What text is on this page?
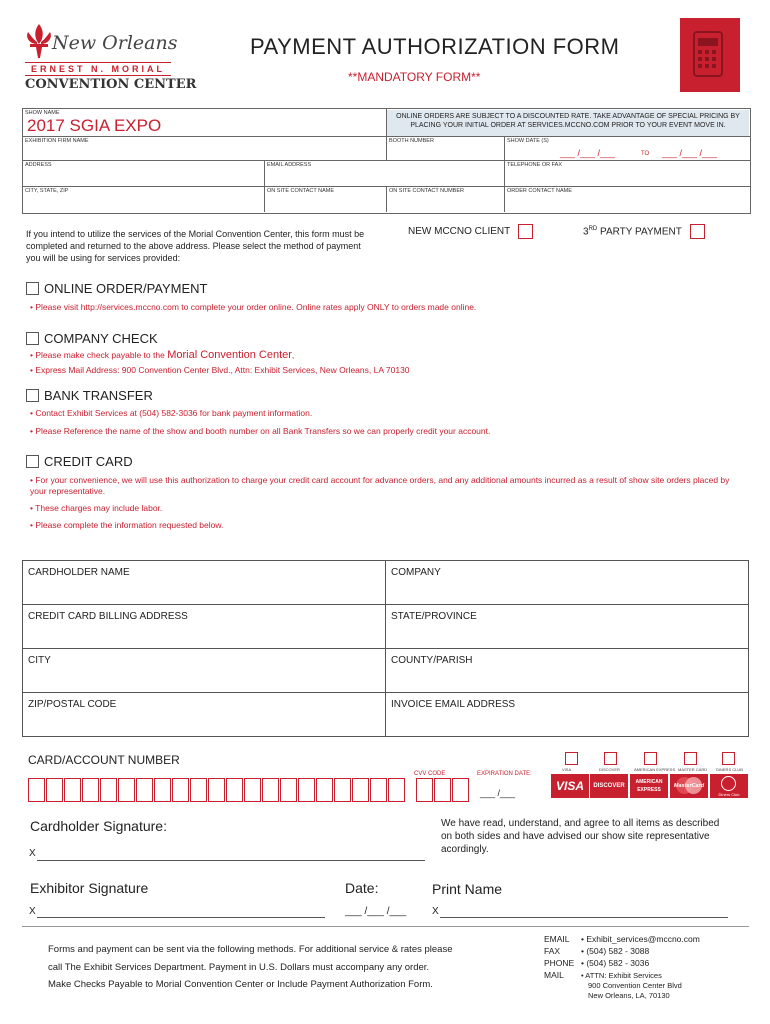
New Orleans
ERNEST N. MORIAL
CONVENTION CENTER
PAYMENT AUTHORIZATION FORM
**MANDATORY FORM**
SHOW NAME
2017 SGIA EXPO	ONLINE ORDERS ARE SUBJECT TO A DISCOUNTED RATE. TAKE ADVANTAGE OF SPECIAL PRICING BY PLACING YOUR INITIAL ORDER AT SERVICES.MCCNO.COM PRIOR TO YOUR EVENT MOVE IN.
EXHIBITION FIRM NAME	BOOTH NUMBER	SHOW DATE (S)
___ /___ /___	TO ___ /___ /___
ADDRESS	EMAIL ADDRESS	TELEPHONE OR FAX
CITY, STATE, ZIP	ON SITE CONTACT NAME	ON SITE CONTACT NUMBER	ORDER CONTACT NAME
If you intend to utilize the services of the Morial Convention Center, this form must be completed and returned to the above address. Please select the method of payment you will be using for services provided:
NEW MCCNO CLIENT	3RD PARTY PAYMENT
ONLINE ORDER/PAYMENT
• Please visit http://services.mccno.com to complete your order online. Online rates apply ONLY to orders made online.
COMPANY CHECK
• Please make check payable to the Morial Convention Center,
• Express Mail Address: 900 Convention Center Blvd., Attn: Exhibit Services, New Orleans, LA 70130
BANK TRANSFER
• Contact Exhibit Services at (504) 582-3036 for bank payment information.
• Please Reference the name of the show and booth number on all Bank Transfers so we can properly credit your account.
CREDIT CARD
• For your convenience, we will use this authorization to charge your credit card account for advance orders, and any additional amounts incurred as a result of show site orders placed by your representative.
• These charges may include labor.
• Please complete the information requested below.
CARDHOLDER NAME	COMPANY
CREDIT CARD BILLING ADDRESS	STATE/PROVINCE
CITY	COUNTY/PARISH
ZIP/POSTAL CODE	INVOICE EMAIL ADDRESS
CARD/ACCOUNT NUMBER
CVV CODE	EXPIRATION DATE:
___ /___
VISA	DISCOVER	AMERICAN EXPRESS MASTER CARD DINERS CLUB
VISA	DISCOVER
AMERICAN EXPRESS
MasterCard
Diners Club
Cardholder Signature:
X
We have read, understand, and agree to all items as described on both sides and have advised our show site representative acordingly.
Exhibitor Signature	Date:	Print Name
X	___ /___ /___	X
Forms and payment can be sent via the following methods. For additional service & rates please
call The Exhibit Services Department. Payment in U.S. Dollars must accompany any order.
Make Checks Payable to Morial Convention Center or Include Payment Authorization Form.
EMAIL • Exhibit_services@mccno.com
FAX • (504) 582 - 3088
PHONE • (504) 582 - 3036
MAIL • ATTN: Exhibit Services
900 Convention Center Blvd
New Orleans, LA, 70130
